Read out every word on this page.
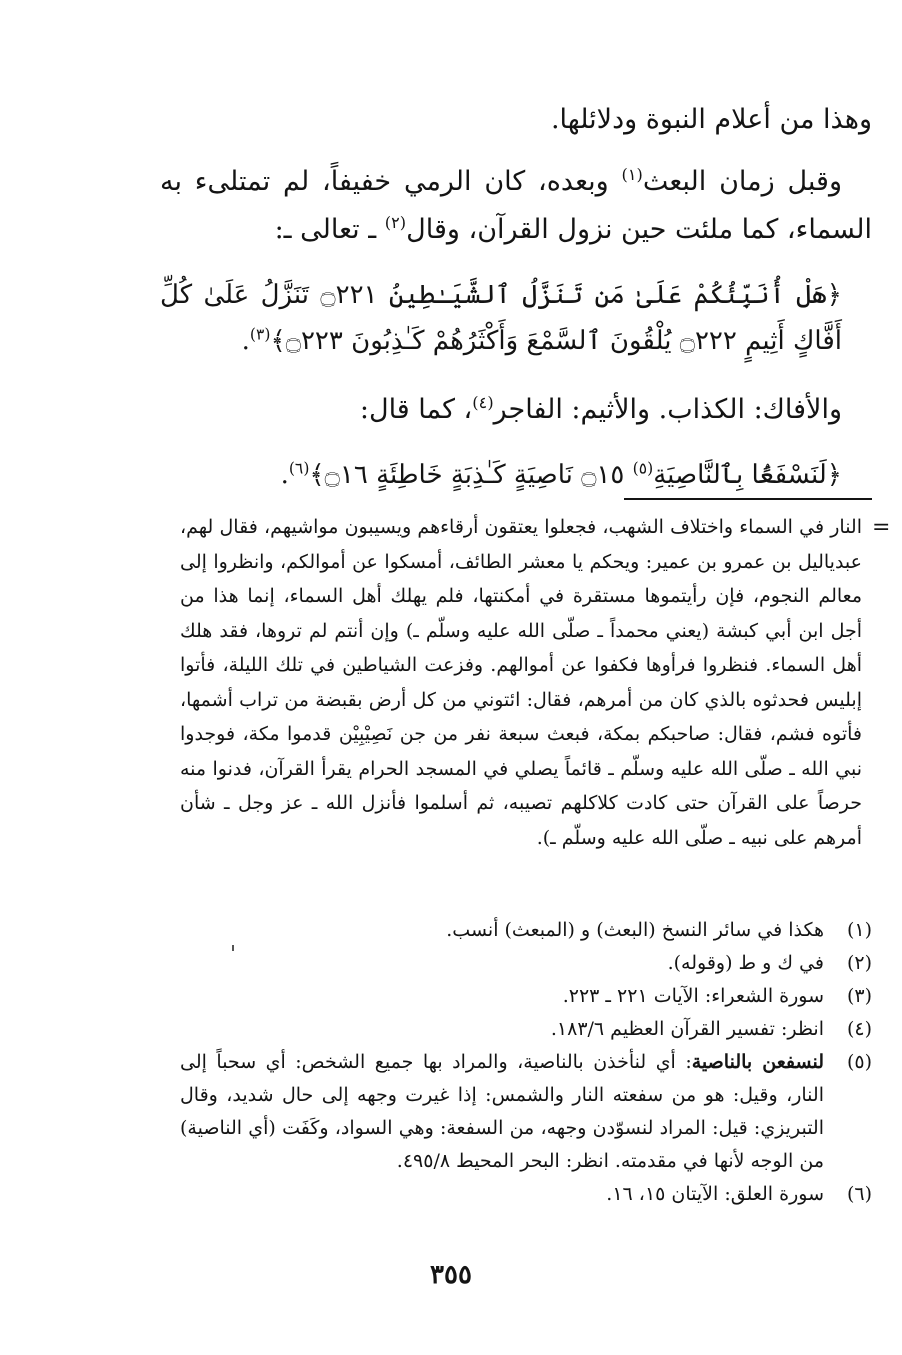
وهذا من أعلام النبوة ودلائلها.

وقبل زمان البعث$^{(١)}$ وبعده، كان الرمي خفيفاً، لم تمتلىء به السماء، كما ملئت حين نزول القرآن، وقال$^{(٢)}$ ـ تعالى ـ:

﴿هَلْ أُنَبِّئُكُمْ عَلَىٰ مَن تَنَزَّلُ ٱلشَّيَـٰطِينُ ۝٢٢١ تَنَزَّلُ عَلَىٰ كُلِّ أَفَّاكٍ أَثِيمٍ ۝٢٢٢ يُلْقُونَ ٱلسَّمْعَ وَأَكْثَرُهُمْ كَـٰذِبُونَ ۝٢٢٣﴾$^{(٣)}$.

والأفاك: الكذاب. والأثيم: الفاجر$^{(٤)}$، كما قال:

﴿لَنَسْفَعًۢا بِٱلنَّاصِيَةِ$^{(٥)}$ ۝١٥ نَاصِيَةٍ كَـٰذِبَةٍ خَاطِئَةٍ ۝١٦﴾$^{(٦)}$.

=
النار في السماء واختلاف الشهب، فجعلوا يعتقون أرقاءهم ويسيبون مواشيهم، فقال لهم، عبدياليل بن عمرو بن عمير: ويحكم يا معشر الطائف، أمسكوا عن أموالكم، وانظروا إلى معالم النجوم، فإن رأيتموها مستقرة في أمكنتها، فلم يهلك أهل السماء، إنما هذا من أجل ابن أبي كبشة (يعني محمداً ـ صلّى الله عليه وسلّم ـ) وإن أنتم لم تروها، فقد هلك أهل السماء. فنظروا فرأوها فكفوا عن أموالهم. وفزعت الشياطين في تلك الليلة، فأتوا إبليس فحدثوه بالذي كان من أمرهم، فقال: ائتوني من كل أرض بقبضة من تراب أشمها، فأتوه فشم، فقال: صاحبكم بمكة، فبعث سبعة نفر من جن نَصِيْبِيْن قدموا مكة، فوجدوا نبي الله ـ صلّى الله عليه وسلّم ـ قائماً يصلي في المسجد الحرام يقرأ القرآن، فدنوا منه حرصاً على القرآن حتى كادت كلاكلهم تصيبه، ثم أسلموا فأنزل الله ـ عز وجل ـ شأن أمرهم على نبيه ـ صلّى الله عليه وسلّم ـ).
(١)
هكذا في سائر النسخ (البعث) و (المبعث) أنسب.
(٢)
في ك و ط (وقوله).
(٣)
سورة الشعراء: الآيات ٢٢١ ـ ٢٢٣.
(٤)
انظر: تفسير القرآن العظيم ١٨٣/٦.
(٥)
لنسفعن بالناصية: أي لنأخذن بالناصية، والمراد بها جميع الشخص: أي سحباً إلى النار، وقيل: هو من سفعته النار والشمس: إذا غيرت وجهه إلى حال شديد، وقال التبريزي: قيل: المراد لنسوّدن وجهه، من السفعة: وهي السواد، وكَفَت (أي الناصية) من الوجه لأنها في مقدمته. انظر: البحر المحيط ٤٩٥/٨.
(٦)
سورة العلق: الآيتان ١٥، ١٦.
٣٥٥
